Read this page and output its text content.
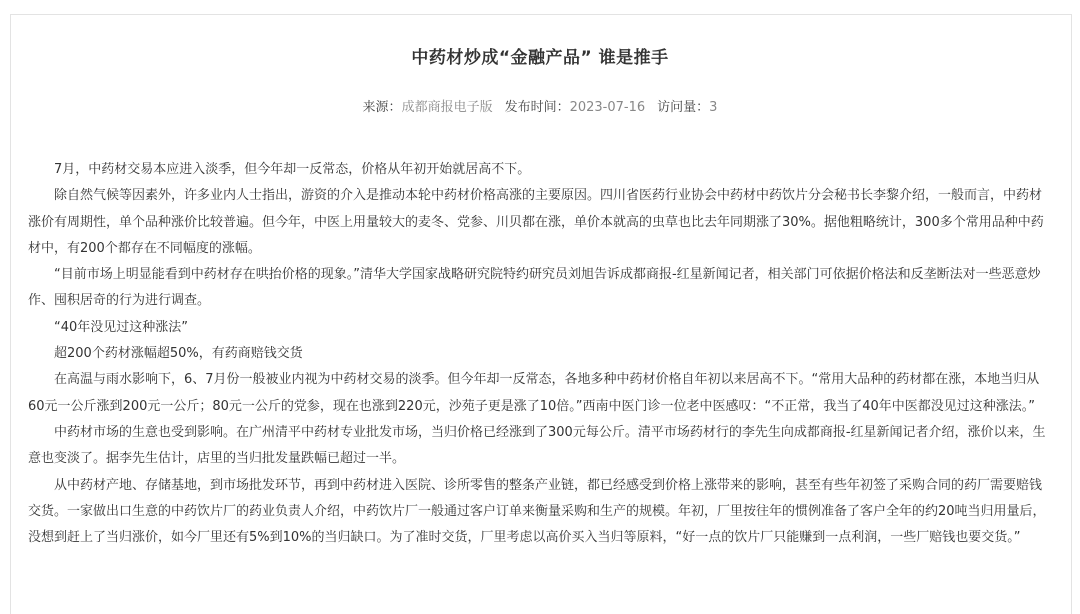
中药材炒成“金融产品” 谁是推手
来源：成都商报电子版 发布时间：2023-07-16 访问量：3

7月，中药材交易本应进入淡季，但今年却一反常态，价格从年初开始就居高不下。

除自然气候等因素外，许多业内人士指出，游资的介入是推动本轮中药材价格高涨的主要原因。四川省医药行业协会中药材中药饮片分会秘书长李黎介绍，一般而言，中药材涨价有周期性，单个品种涨价比较普遍。但今年，中医上用量较大的麦冬、党参、川贝都在涨，单价本就高的虫草也比去年同期涨了30%。据他粗略统计，300多个常用品种中药材中，有200个都存在不同幅度的涨幅。

“目前市场上明显能看到中药材存在哄抬价格的现象。”清华大学国家战略研究院特约研究员刘旭告诉成都商报-红星新闻记者，相关部门可依据价格法和反垄断法对一些恶意炒作、囤积居奇的行为进行调查。

“40年没见过这种涨法”

超200个药材涨幅超50%，有药商赔钱交货

在高温与雨水影响下，6、7月份一般被业内视为中药材交易的淡季。但今年却一反常态，各地多种中药材价格自年初以来居高不下。“常用大品种的药材都在涨，本地当归从60元一公斤涨到200元一公斤；80元一公斤的党参，现在也涨到220元，沙苑子更是涨了10倍。”西南中医门诊一位老中医感叹：“不正常，我当了40年中医都没见过这种涨法。”

中药材市场的生意也受到影响。在广州清平中药材专业批发市场，当归价格已经涨到了300元每公斤。清平市场药材行的李先生向成都商报-红星新闻记者介绍，涨价以来，生意也变淡了。据李先生估计，店里的当归批发量跌幅已超过一半。

从中药材产地、存储基地，到市场批发环节，再到中药材进入医院、诊所零售的整条产业链，都已经感受到价格上涨带来的影响，甚至有些年初签了采购合同的药厂需要赔钱交货。一家做出口生意的中药饮片厂的药业负责人介绍，中药饮片厂一般通过客户订单来衡量采购和生产的规模。年初，厂里按往年的惯例准备了客户全年的约20吨当归用量后，没想到赶上了当归涨价，如今厂里还有5%到10%的当归缺口。为了准时交货，厂里考虑以高价买入当归等原料，“好一点的饮片厂只能赚到一点利润，一些厂赔钱也要交货。”
